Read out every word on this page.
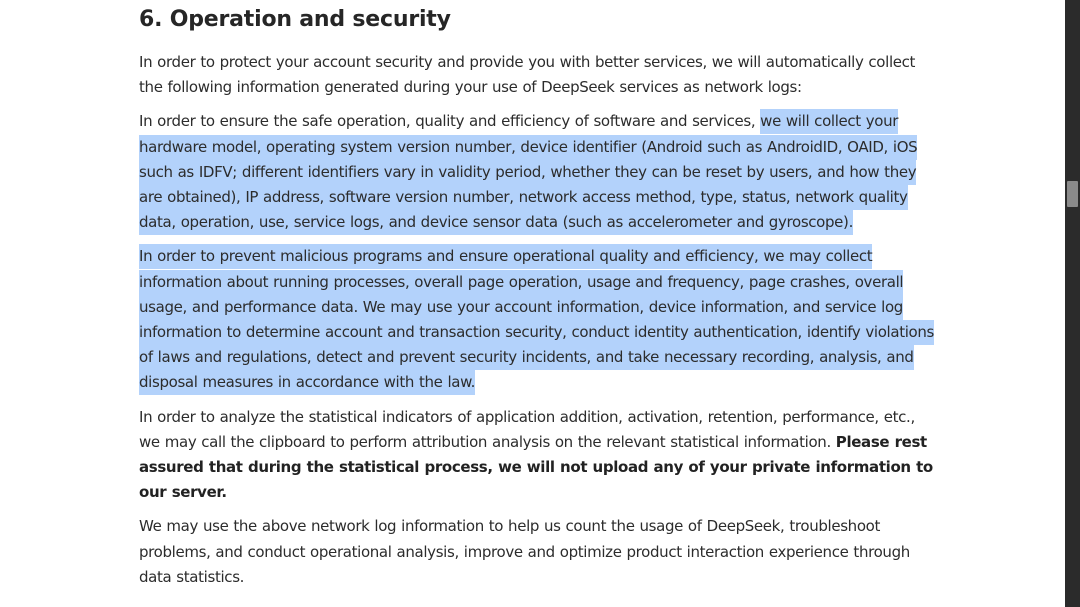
6. Operation and security

In order to protect your account security and provide you with better services, we will automatically collect the following information generated during your use of DeepSeek services as network logs:

In order to ensure the safe operation, quality and efficiency of software and services, we will collect your hardware model, operating system version number, device identifier (Android such as AndroidID, OAID, iOS such as IDFV; different identifiers vary in validity period, whether they can be reset by users, and how they are obtained), IP address, software version number, network access method, type, status, network quality data, operation, use, service logs, and device sensor data (such as accelerometer and gyroscope).

In order to prevent malicious programs and ensure operational quality and efficiency, we may collect information about running processes, overall page operation, usage and frequency, page crashes, overall usage, and performance data. We may use your account information, device information, and service log information to determine account and transaction security, conduct identity authentication, identify violations of laws and regulations, detect and prevent security incidents, and take necessary recording, analysis, and disposal measures in accordance with the law.

In order to analyze the statistical indicators of application addition, activation, retention, performance, etc., we may call the clipboard to perform attribution analysis on the relevant statistical information. Please rest assured that during the statistical process, we will not upload any of your private information to our server.

We may use the above network log information to help us count the usage of DeepSeek, troubleshoot problems, and conduct operational analysis, improve and optimize product interaction experience through data statistics.
